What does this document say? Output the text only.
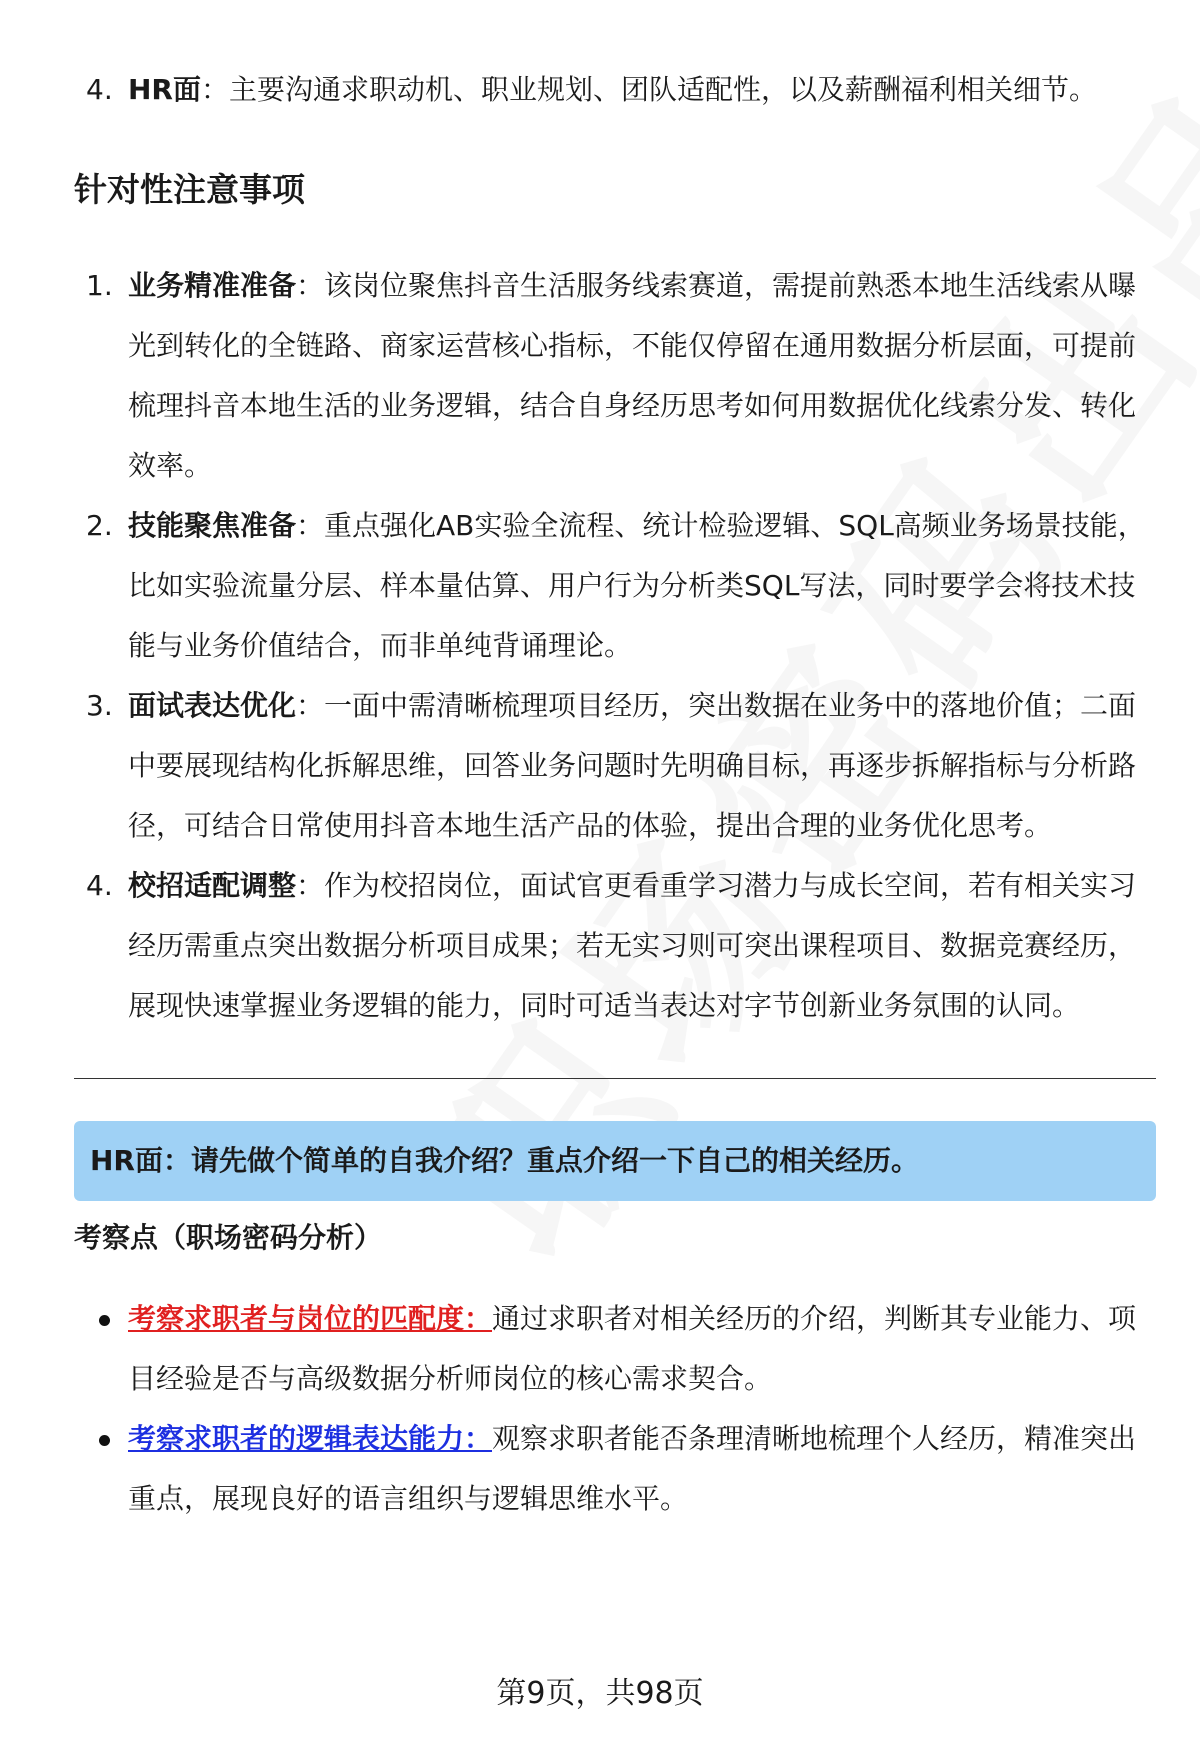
4. HR面：主要沟通求职动机、职业规划、团队适配性，以及薪酬福利相关细节。
针对性注意事项
1. 业务精准准备：该岗位聚焦抖音生活服务线索赛道，需提前熟悉本地生活线索从曝光到转化的全链路、商家运营核心指标，不能仅停留在通用数据分析层面，可提前梳理抖音本地生活的业务逻辑，结合自身经历思考如何用数据优化线索分发、转化效率。
2. 技能聚焦准备：重点强化AB实验全流程、统计检验逻辑、SQL高频业务场景技能，比如实验流量分层、样本量估算、用户行为分析类SQL写法，同时要学会将技术技能与业务价值结合，而非单纯背诵理论。
3. 面试表达优化：一面中需清晰梳理项目经历，突出数据在业务中的落地价值；二面中要展现结构化拆解思维，回答业务问题时先明确目标，再逐步拆解指标与分析路径，可结合日常使用抖音本地生活产品的体验，提出合理的业务优化思考。
4. 校招适配调整：作为校招岗位，面试官更看重学习潜力与成长空间，若有相关实习经历需重点突出数据分析项目成果；若无实习则可突出课程项目、数据竞赛经历，展现快速掌握业务逻辑的能力，同时可适当表达对字节创新业务氛围的认同。
HR面：请先做个简单的自我介绍？重点介绍一下自己的相关经历。
考察点（职场密码分析）
考察求职者与岗位的匹配度：通过求职者对相关经历的介绍，判断其专业能力、项目经验是否与高级数据分析师岗位的核心需求契合。
考察求职者的逻辑表达能力：观察求职者能否条理清晰地梳理个人经历，精准突出重点，展现良好的语言组织与逻辑思维水平。
第9页，共98页
